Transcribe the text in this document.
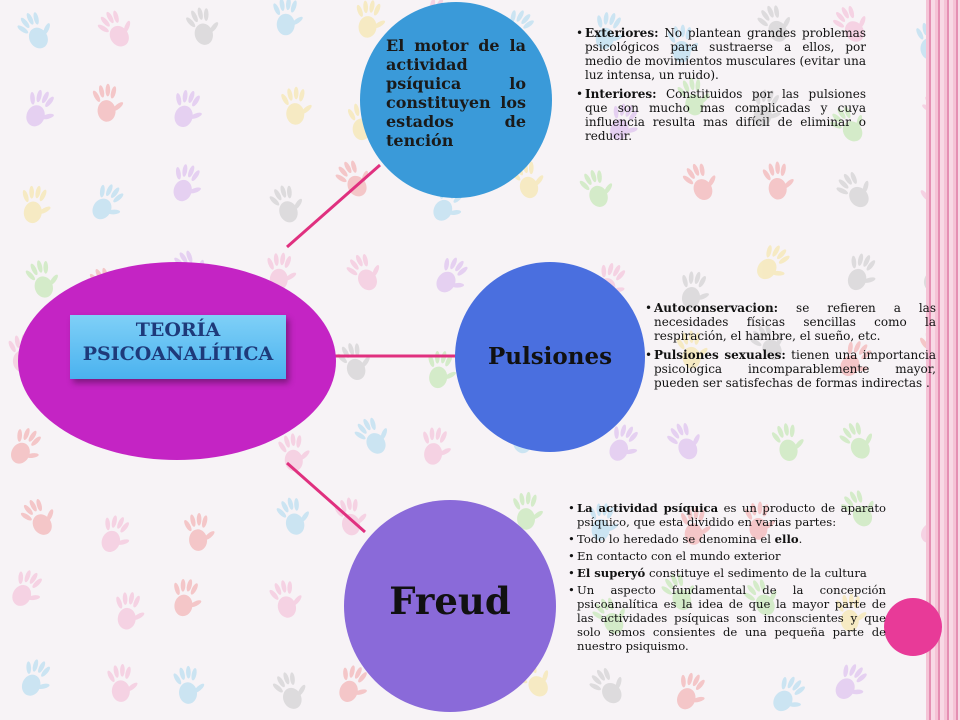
TEORÍA PSICOANALÍTICA
El motor de la actividad psíquica lo constituyen los estados de tención
Pulsiones
Freud
• Exteriores: No plantean grandes problemas psicológicos para sustraerse a ellos, por medio de movimientos musculares (evitar una luz intensa, un ruido).
• Interiores: Constituidos por las pulsiones que son mucho mas complicadas y cuya influencia resulta mas difícil de eliminar o reducir.
• Autoconservacion: se refieren a las necesidades físicas sencillas como la respiración, el hambre, el sueño, etc.
• Pulsiones sexuales: tienen una importancia psicológica incomparablemente mayor, pueden ser satisfechas de formas indirectas .
• La actividad psíquica es un producto de aparato psíquico, que esta dividido en varias partes:
• Todo lo heredado se denomina el ello.
• En contacto con el mundo exterior
• El superyó constituye el sedimento de la cultura
• Un aspecto fundamental de la concepción psicoanalítica es la idea de que la mayor parte de las actividades psíquicas son inconscientes y que solo somos consientes de una pequeña parte de nuestro psiquismo.
